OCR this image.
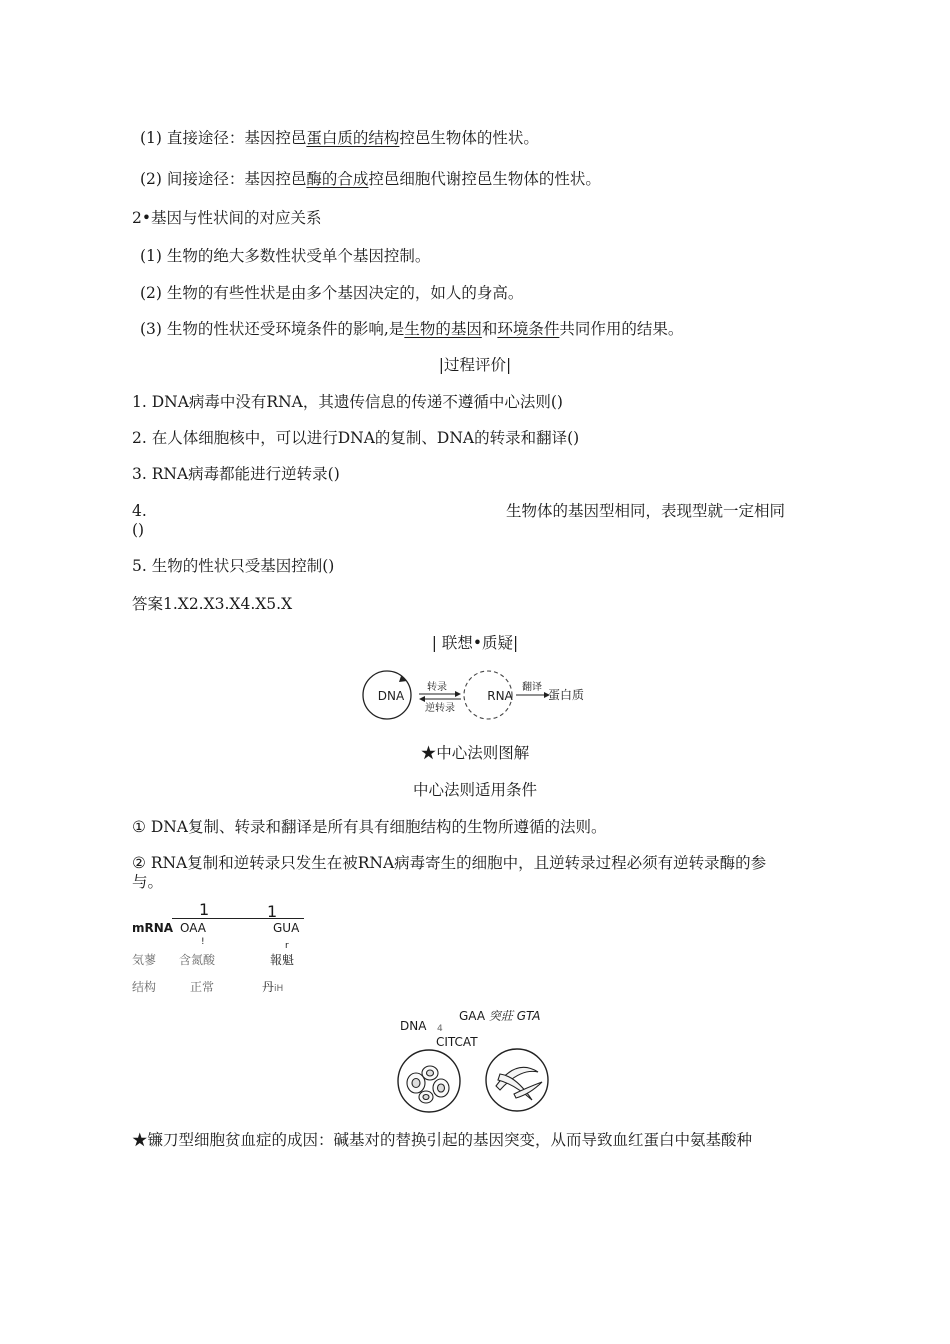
(1) 直接途径：基因控邑蛋白质的结构控邑生物体的性状。
(2) 间接途径：基因控邑酶的合成控邑细胞代谢控邑生物体的性状。
2•基因与性状间的对应关系
(1) 生物的绝大多数性状受单个基因控制。
(2) 生物的有些性状是由多个基因决定的，如人的身高。
(3) 生物的性状还受环境条件的影响,是生物的基因和环境条件共同作用的结果。
|过程评价|
1. DNA病毒中没有RNA，其遗传信息的传递不遵循中心法则()
2. 在人体细胞核中，可以进行DNA的复制、DNA的转录和翻译()
3. RNA病毒都能进行逆转录()
4.	生物体的基因型相同，表现型就一定相同
()
5. 生物的性状只受基因控制()
答案1.X2.X3.X4.X5.X
| 联想•质疑|
DNA
转录
逆转录
RNA
翻译
蛋白质
★中心法则图解
中心法则适用条件
① DNA复制、转录和翻译是所有具有细胞结构的生物所遵循的法则。
② RNA复制和逆转录只发生在被RNA病毒寄生的细胞中，且逆转录过程必须有逆转录酶的参
与。
1	1
mRNA OAA	GUA
!	r
気蓼 含氮酸	報魁
结构	正常	丹iH
DNA
GAA 突莊 GTA
4
CITCAT
★镰刀型细胞贫血症的成因：碱基对的替换引起的基因突变，从而导致血红蛋白中氨基酸种
